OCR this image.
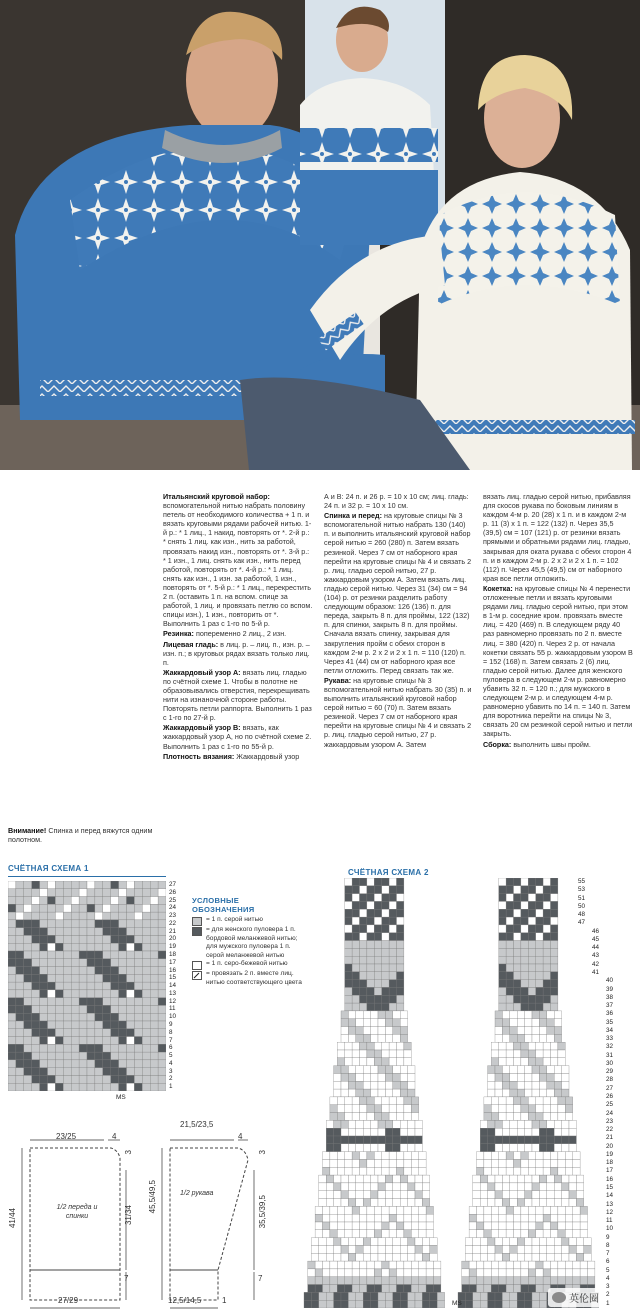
Итальянский круговой набор: вспомогательной нитью набрать половину петель от необходимого количества + 1 п. и вязать круговыми рядами рабочей нитью. 1-й р.: * 1 лиц., 1 накид, повторять от *. 2-й р.: * снять 1 лиц. как изн., нить за работой, провязать накид изн., повторять от *. 3-й р.: * 1 изн., 1 лиц. снять как изн., нить перед работой, повторять от *. 4-й р.: * 1 лиц. снять как изн., 1 изн. за работой, 1 изн., повторять от *. 5-й р.: * 1 лиц., перекрестить 2 п. (оставить 1 п. на вспом. спице за работой, 1 лиц. и провязать петлю со вспом. спицы изн.), 1 изн., повторить от *. Выполнить 1 раз с 1-го по 5-й р.

Резинка: попеременно 2 лиц., 2 изн.

Лицевая гладь: в лиц. р. – лиц. п., изн. р. – изн. п.; в круговых рядах вязать только лиц. п.

Жаккардовый узор А: вязать лиц. гладью по счётной схеме 1. Чтобы в полотне не образовывались отверстия, перекрещивать нити на изнаночной стороне работы. Повторять петли раппорта. Выполнить 1 раз с 1-го по 27-й р.

Жаккардовый узор В: вязать, как жаккардовый узор А, но по счётной схеме 2. Выполнить 1 раз с 1-го по 55-й р.

Плотность вязания: Жаккардовый узор

А и В: 24 п. и 26 р. = 10 х 10 см; лиц. гладь: 24 п. и 32 р. = 10 х 10 см.

Спинка и перед: на круговые спицы № 3 вспомогательной нитью набрать 130 (140) п. и выполнить итальянский круговой набор серой нитью = 260 (280) п. Затем вязать резинкой. Через 7 см от наборного края перейти на круговые спицы № 4 и связать 2 р. лиц. гладью серой нитью, 27 р. жаккардовым узором А. Затем вязать лиц. гладью серой нитью. Через 31 (34) см = 94 (104) р. от резинки разделить работу следующим образом: 126 (136) п. для переда, закрыть 8 п. для проймы, 122 (132) п. для спинки, закрыть 8 п. для проймы. Сначала вязать спинку, закрывая для закругления пройм с обеих сторон в каждом 2-м р. 2 х 2 и 2 х 1 п. = 110 (120) п. Через 41 (44) см от наборного края все петли отложить. Перед связать так же.

Рукава: на круговые спицы № 3 вспомогательной нитью набрать 30 (35) п. и выполнить итальянский круговой набор серой нитью = 60 (70) п. Затем вязать резинкой. Через 7 см от наборного края перейти на круговые спицы № 4 и связать 2 р. лиц. гладью серой нитью, 27 р. жаккардовым узором А. Затем

вязать лиц. гладью серой нитью, прибавляя для скосов рукава по боковым линиям в каждом 4-м р. 20 (28) х 1 п. и в каждом 2-м р. 11 (3) х 1 п. = 122 (132) п. Через 35,5 (39,5) см = 107 (121) р. от резинки вязать прямыми и обратными рядами лиц. гладью, закрывая для оката рукава с обеих сторон 4 п. и в каждом 2-м р. 2 х 2 и 2 х 1 п. = 102 (112) п. Через 45,5 (49,5) см от наборного края все петли отложить.

Кокетка: на круговые спицы № 4 перенести отложенные петли и вязать круговыми рядами лиц. гладью серой нитью, при этом в 1-м р. соседние кром. провязать вместе лиц. = 420 (469) п. В следующем ряду 40 раз равномерно провязать по 2 п. вместе лиц. = 380 (420) п. Через 2 р. от начала кокетки связать 55 р. жаккардовым узором В = 152 (168) п. Затем связать 2 (6) лиц. гладью серой нитью. Далее для женского пуловера в следующем 2-м р. равномерно убавить 32 п. = 120 п.; для мужского в следующем 2-м р. и следующем 4-м р. равномерно убавить по 14 п. = 140 п. Затем для воротника перейти на спицы № 3, связать 20 см резинкой серой нитью и петли закрыть.

Сборка: выполнить швы пройм.

Внимание! Спинка и перед вяжутся одним полотном.

СЧЁТНАЯ СХЕМА 1
27
26
25
24
23
22
21
20
19
18
17
16
15
14
13
12
11
10
9
8
7
6
5
4
3
2
1
MS
УСЛОВНЫЕ ОБОЗНАЧЕНИЯ
= 1 п. серой нитью
= для женского пуловера 1 п. бордовой меланжевой нитью; для мужского пуловера 1 п. серой меланжевой нитью
= 1 п. серо-бежевой нитью
= провязать 2 п. вместе лиц. нитью соответствующего цвета
СЧЁТНАЯ СХЕМА 2
55
53
51
50
48
47
46
45
44
43
42
41
40
39
38
37
36
35
34
33
32
31
30
29
28
27
26
25
24
23
22
21
20
19
18
17
16
15
14
13
12
11
10
9
8
7
6
5
4
3
2
1
MS
23/25	4
3
41/44	31/34
7
27/29
1/2 переда и спинки
21,5/23,5
4
3
45,5/49,5	35,5/39,5
7
12,5/14,5	1
1/2 рукава
英伦圈
